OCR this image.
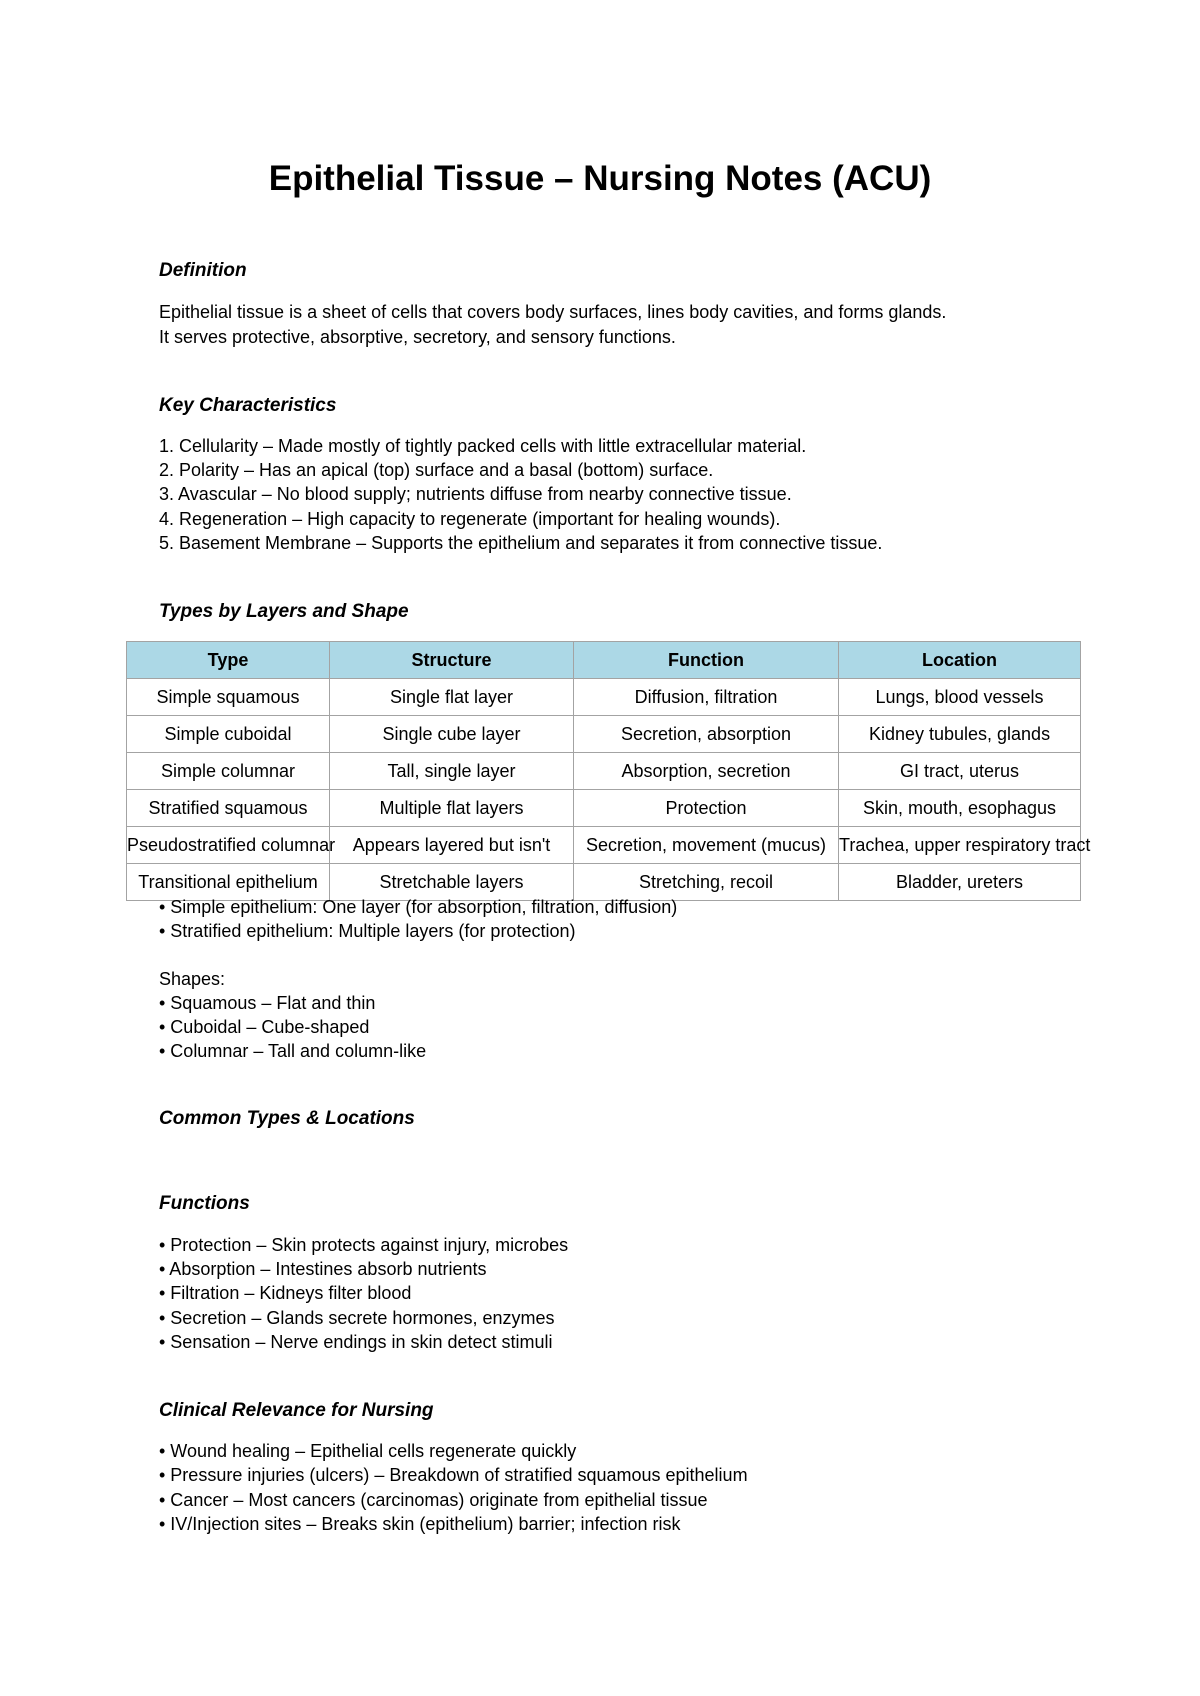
Epithelial Tissue – Nursing Notes (ACU)
Definition

Epithelial tissue is a sheet of cells that covers body surfaces, lines body cavities, and forms glands.

It serves protective, absorptive, secretory, and sensory functions.

Key Characteristics

1. Cellularity – Made mostly of tightly packed cells with little extracellular material.

2. Polarity – Has an apical (top) surface and a basal (bottom) surface.

3. Avascular – No blood supply; nutrients diffuse from nearby connective tissue.

4. Regeneration – High capacity to regenerate (important for healing wounds).

5. Basement Membrane – Supports the epithelium and separates it from connective tissue.

Types by Layers and Shape
Type	Structure	Function	Location
Simple squamous	Single flat layer	Diffusion, filtration	Lungs, blood vessels
Simple cuboidal	Single cube layer	Secretion, absorption	Kidney tubules, glands
Simple columnar	Tall, single layer	Absorption, secretion	GI tract, uterus
Stratified squamous	Multiple flat layers	Protection	Skin, mouth, esophagus
Pseudostratified columnar	Appears layered but isn't	Secretion, movement (mucus)	Trachea, upper respiratory tract
Transitional epithelium	Stretchable layers	Stretching, recoil	Bladder, ureters

• Simple epithelium: One layer (for absorption, filtration, diffusion)

• Stratified epithelium: Multiple layers (for protection)

Shapes:

• Squamous – Flat and thin

• Cuboidal – Cube-shaped

• Columnar – Tall and column-like

Common Types & Locations
Functions

• Protection – Skin protects against injury, microbes

• Absorption – Intestines absorb nutrients

• Filtration – Kidneys filter blood

• Secretion – Glands secrete hormones, enzymes

• Sensation – Nerve endings in skin detect stimuli

Clinical Relevance for Nursing

• Wound healing – Epithelial cells regenerate quickly

• Pressure injuries (ulcers) – Breakdown of stratified squamous epithelium

• Cancer – Most cancers (carcinomas) originate from epithelial tissue

• IV/Injection sites – Breaks skin (epithelium) barrier; infection risk
